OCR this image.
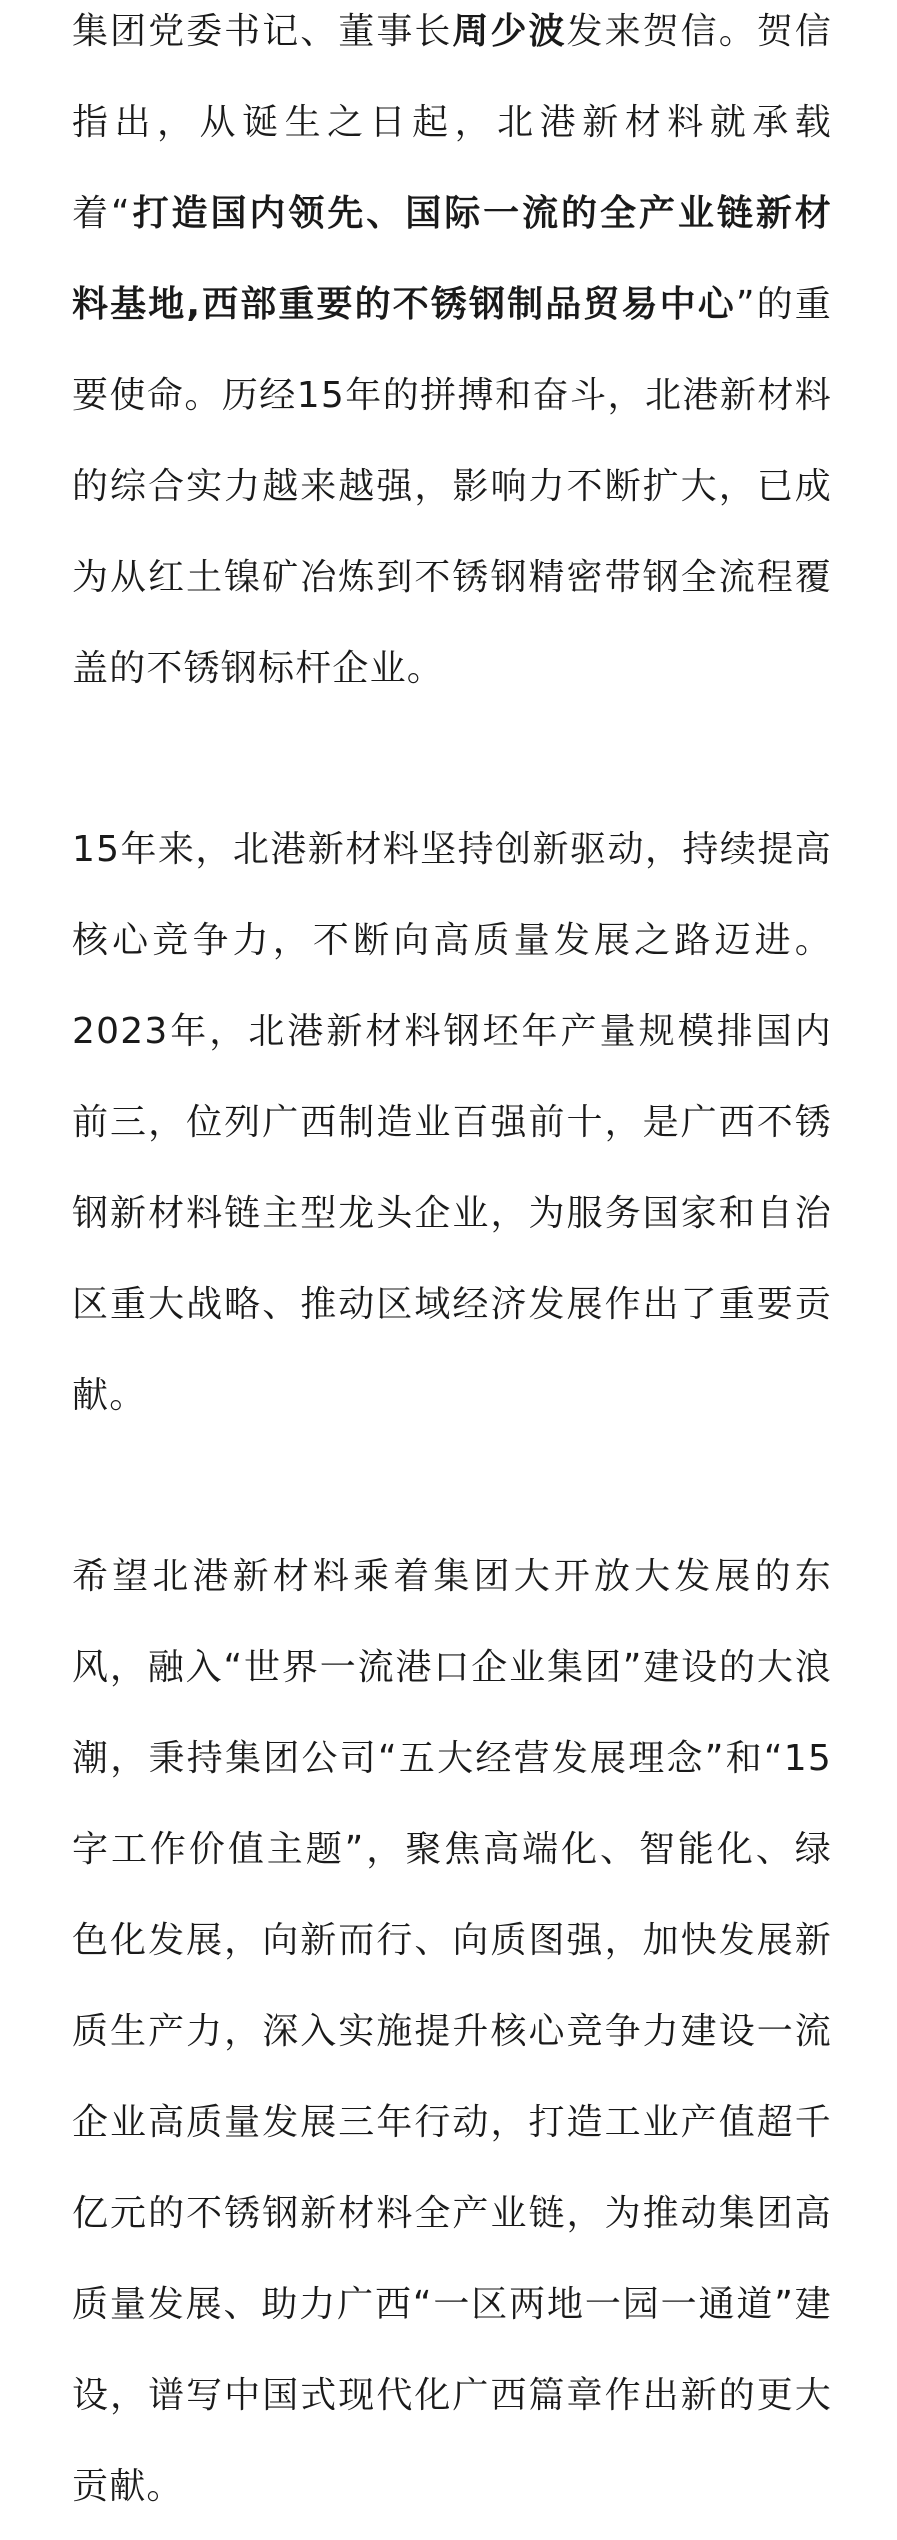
集团党委书记、董事长周少波发来贺信。贺信指出，从诞生之日起，北港新材料就承载着“打造国内领先、国际一流的全产业链新材料基地,西部重要的不锈钢制品贸易中心”的重要使命。历经15年的拼搏和奋斗，北港新材料的综合实力越来越强，影响力不断扩大，已成为从红土镍矿冶炼到不锈钢精密带钢全流程覆盖的不锈钢标杆企业。

15年来，北港新材料坚持创新驱动，持续提高核心竞争力，不断向高质量发展之路迈进。2023年，北港新材料钢坯年产量规模排国内前三，位列广西制造业百强前十，是广西不锈钢新材料链主型龙头企业，为服务国家和自治区重大战略、推动区域经济发展作出了重要贡献。

希望北港新材料乘着集团大开放大发展的东风，融入“世界一流港口企业集团”建设的大浪潮，秉持集团公司“五大经营发展理念”和“15字工作价值主题”，聚焦高端化、智能化、绿色化发展，向新而行、向质图强，加快发展新质生产力，深入实施提升核心竞争力建设一流企业高质量发展三年行动，打造工业产值超千亿元的不锈钢新材料全产业链，为推动集团高质量发展、助力广西“一区两地一园一通道”建设，谱写中国式现代化广西篇章作出新的更大贡献。
